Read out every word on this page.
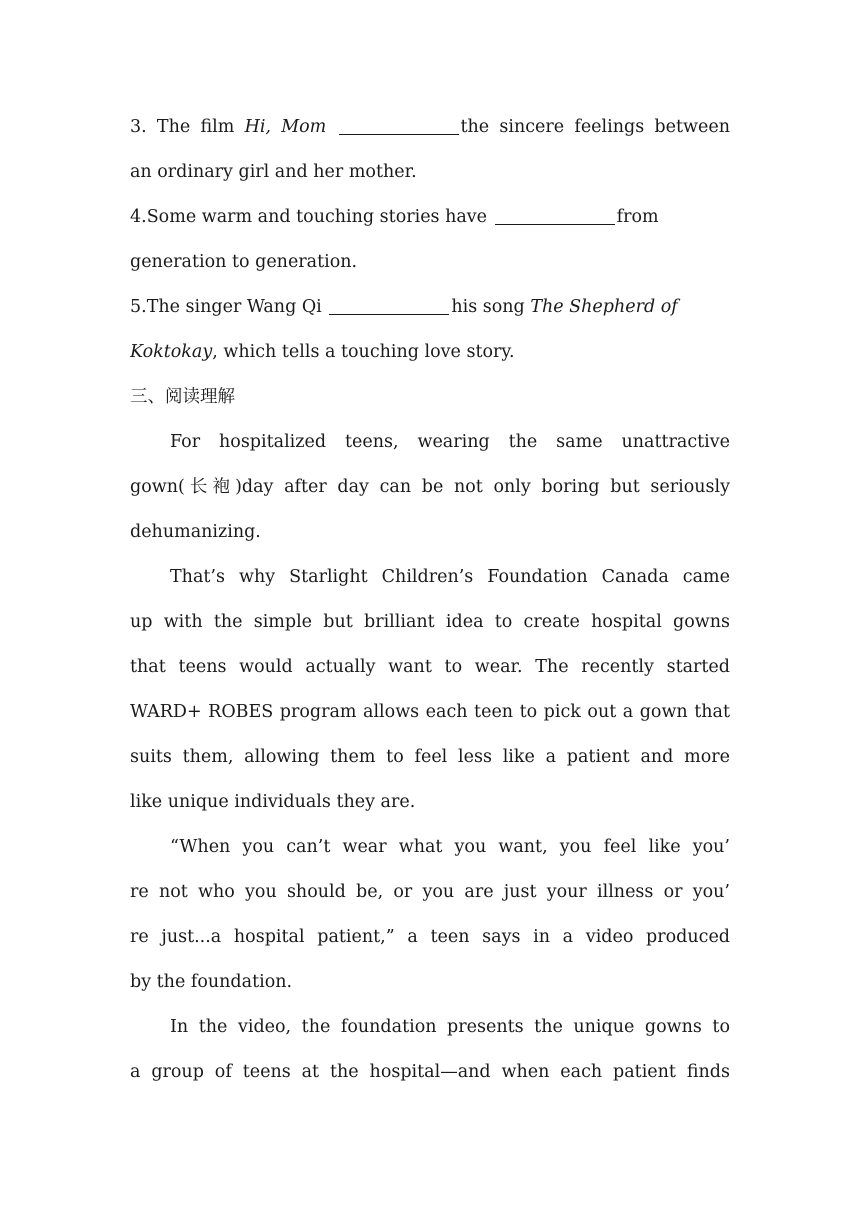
3. The film Hi, Mom	the sincere feelings between
an ordinary girl and her mother.
4.Some warm and touching stories have	from
generation to generation.
5.The singer Wang Qi	his song The Shepherd of
Koktokay, which tells a touching love story.
三、阅读理解
For hospitalized teens, wearing the same unattractive
gown(长袍)day after day can be not only boring but seriously
dehumanizing.
That’s why Starlight Children’s Foundation Canada came
up with the simple but brilliant idea to create hospital gowns
that teens would actually want to wear. The recently started
WARD+ ROBES program allows each teen to pick out a gown that
suits them, allowing them to feel less like a patient and more
like unique individuals they are.
“When you can’t wear what you want, you feel like you’
re not who you should be, or you are just your illness or you’
re just...a hospital patient,” a teen says in a video produced
by the foundation.
In the video, the foundation presents the unique gowns to
a group of teens at the hospital—and when each patient finds
